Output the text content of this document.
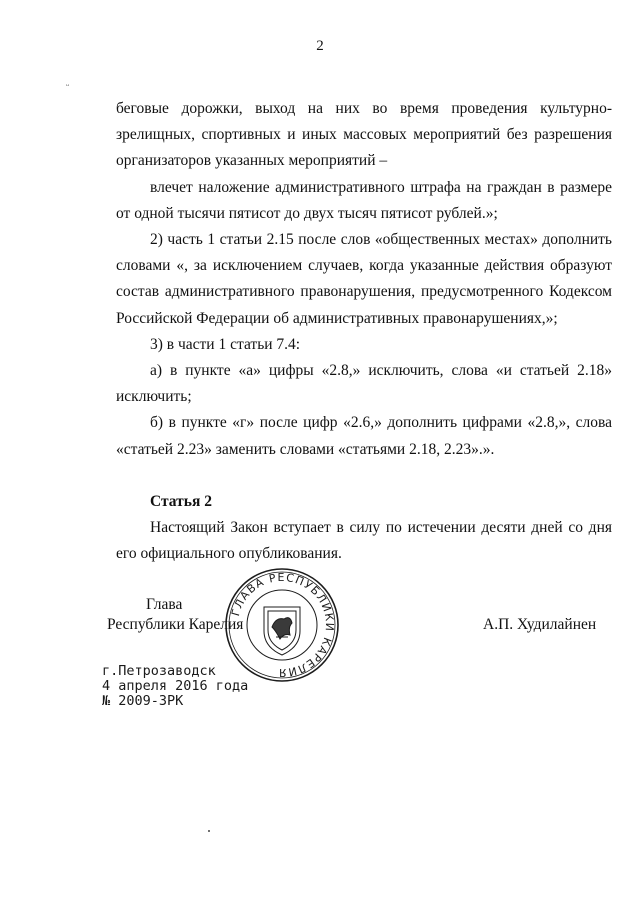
2
ᵕ

беговые дорожки, выход на них во время проведения культурно-зрелищных, спортивных и иных массовых мероприятий без разрешения организаторов указанных мероприятий –

влечет наложение административного штрафа на граждан в размере от одной тысячи пятисот до двух тысяч пятисот рублей.»;

2) часть 1 статьи 2.15 после слов «общественных местах» дополнить словами «, за исключением случаев, когда указанные действия образуют состав административного правонарушения, предусмотренного Кодексом Российской Федерации об административных правонарушениях,»;

3) в части 1 статьи 7.4:

а) в пункте «а» цифры «2.8,» исключить, слова «и статьей 2.18» исключить;

б) в пункте «г» после цифр «2.6,» дополнить цифрами «2.8,», слова «статьей 2.23» заменить словами «статьями 2.18, 2.23».».

Статья 2

Настоящий Закон вступает в силу по истечении десяти дней со дня его официального опубликования.

Глава
Республики Карелия	А.П. Худилайнен
ГЛАВА РЕСПУБЛИКИ КАРЕЛИЯ
г.Петрозаводск
4 апреля 2016 года
№ 2009-ЗРК
